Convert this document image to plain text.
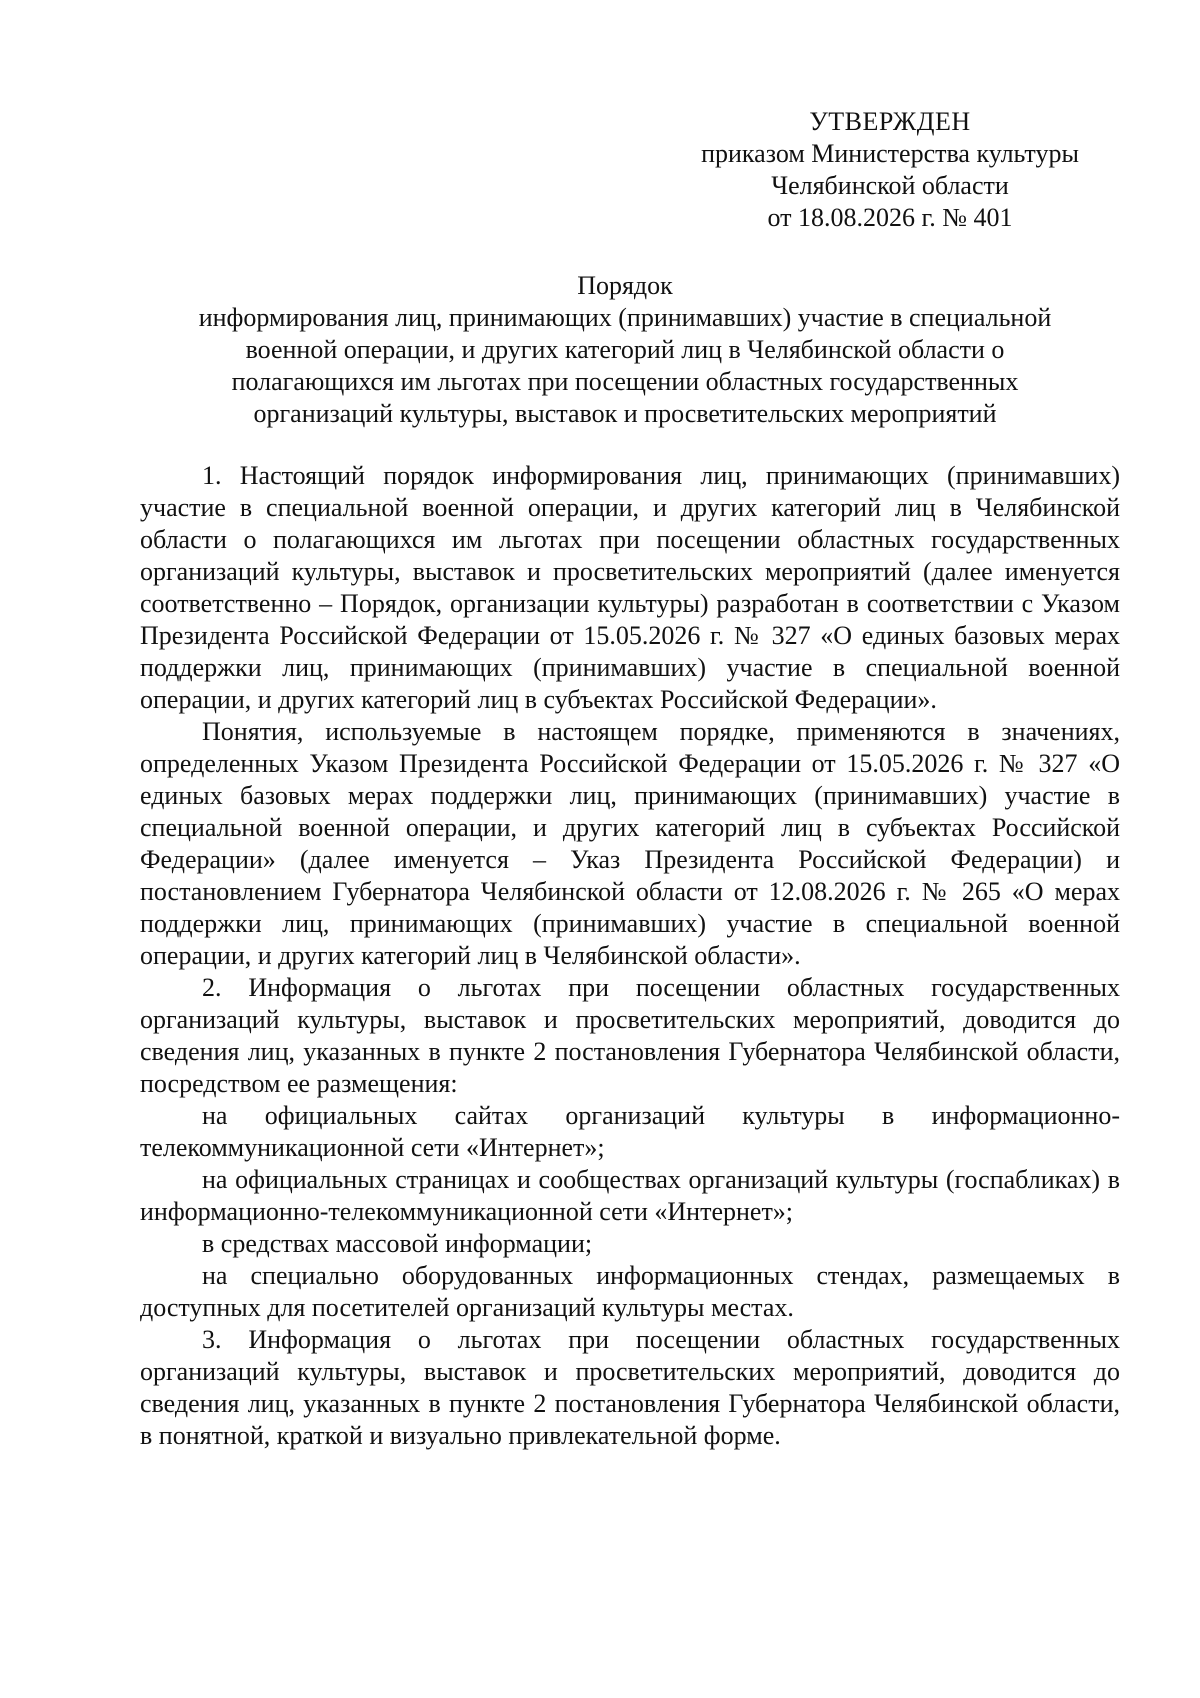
УТВЕРЖДЕН
приказом Министерства культуры
Челябинской области
от 18.08.2026 г. № 401
Порядок
информирования лиц, принимающих (принимавших) участие в специальной
военной операции, и других категорий лиц в Челябинской области о
полагающихся им льготах при посещении областных государственных
организаций культуры, выставок и просветительских мероприятий

1. Настоящий порядок информирования лиц, принимающих (принимавших) участие в специальной военной операции, и других категорий лиц в Челябинской области о полагающихся им льготах при посещении областных государственных организаций культуры, выставок и просветительских мероприятий (далее именуется соответственно – Порядок, организации культуры) разработан в соответствии с Указом Президента Российской Федерации от 15.05.2026 г. № 327 «О единых базовых мерах поддержки лиц, принимающих (принимавших) участие в специальной военной операции, и других категорий лиц в субъектах Российской Федерации».

Понятия, используемые в настоящем порядке, применяются в значениях, определенных Указом Президента Российской Федерации от 15.05.2026 г. № 327 «О единых базовых мерах поддержки лиц, принимающих (принимавших) участие в специальной военной операции, и других категорий лиц в субъектах Российской Федерации» (далее именуется – Указ Президента Российской Федерации) и постановлением Губернатора Челябинской области от 12.08.2026 г. № 265 «О мерах поддержки лиц, принимающих (принимавших) участие в специальной военной операции, и других категорий лиц в Челябинской области».

2. Информация о льготах при посещении областных государственных организаций культуры, выставок и просветительских мероприятий, доводится до сведения лиц, указанных в пункте 2 постановления Губернатора Челябинской области, посредством ее размещения:

на официальных сайтах организаций культуры в информационно-телекоммуникационной сети «Интернет»;

на официальных страницах и сообществах организаций культуры (госпабликах) в информационно-телекоммуникационной сети «Интернет»;

в средствах массовой информации;

на специально оборудованных информационных стендах, размещаемых в доступных для посетителей организаций культуры местах.

3. Информация о льготах при посещении областных государственных организаций культуры, выставок и просветительских мероприятий, доводится до сведения лиц, указанных в пункте 2 постановления Губернатора Челябинской области, в понятной, краткой и визуально привлекательной форме.
